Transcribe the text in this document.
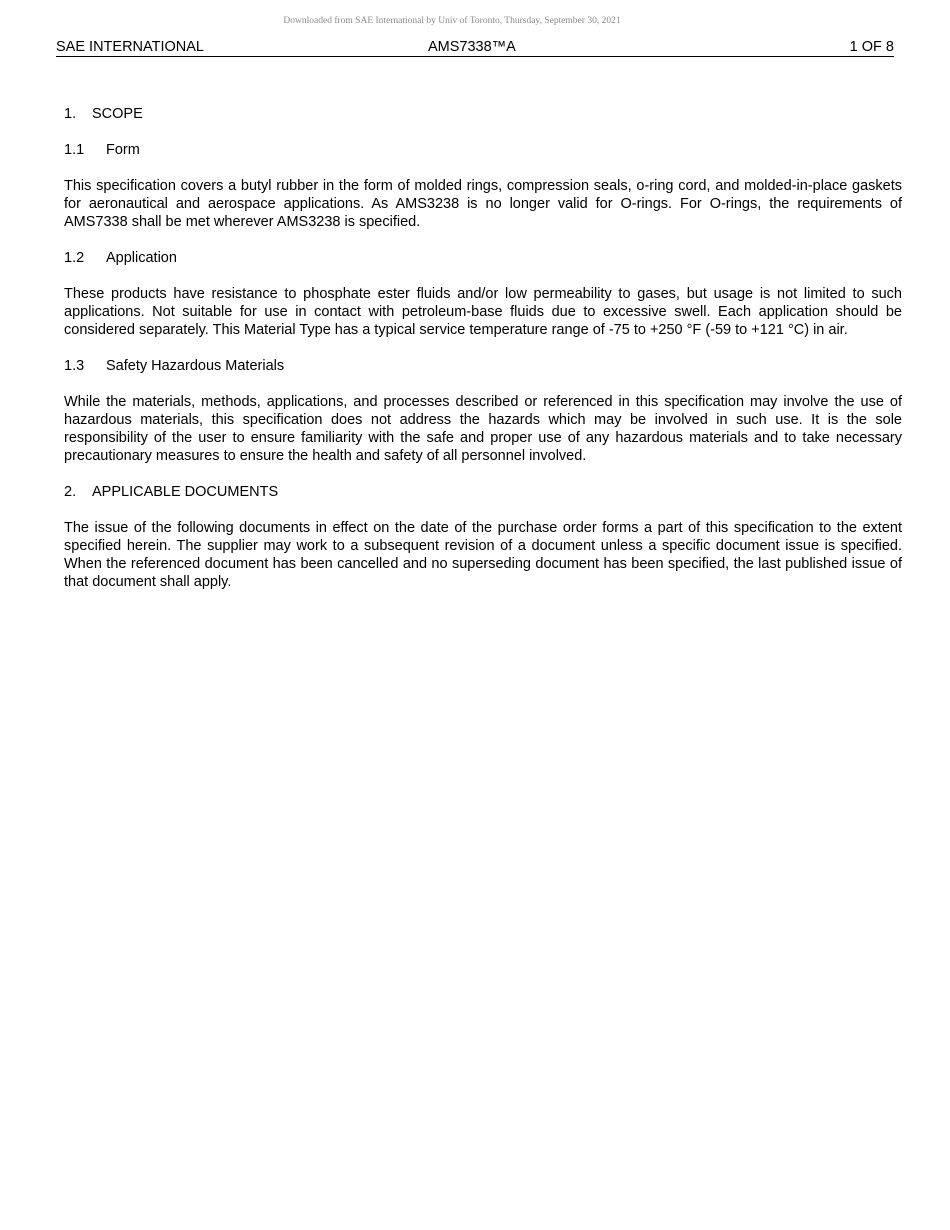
Downloaded from SAE International by Univ of Toronto, Thursday, September 30, 2021
SAE INTERNATIONAL	AMS7338™A	1 OF 8
1. SCOPE
1.1 Form

This specification covers a butyl rubber in the form of molded rings, compression seals, o-ring cord, and molded-in-place gaskets for aeronautical and aerospace applications. As AMS3238 is no longer valid for O-rings. For O-rings, the requirements of AMS7338 shall be met wherever AMS3238 is specified.

1.2 Application

These products have resistance to phosphate ester fluids and/or low permeability to gases, but usage is not limited to such applications. Not suitable for use in contact with petroleum-base fluids due to excessive swell. Each application should be considered separately. This Material Type has a typical service temperature range of -75 to +250 °F (-59 to +121 °C) in air.

1.3 Safety Hazardous Materials

While the materials, methods, applications, and processes described or referenced in this specification may involve the use of hazardous materials, this specification does not address the hazards which may be involved in such use. It is the sole responsibility of the user to ensure familiarity with the safe and proper use of any hazardous materials and to take necessary precautionary measures to ensure the health and safety of all personnel involved.

2. APPLICABLE DOCUMENTS

The issue of the following documents in effect on the date of the purchase order forms a part of this specification to the extent specified herein. The supplier may work to a subsequent revision of a document unless a specific document issue is specified. When the referenced document has been cancelled and no superseding document has been specified, the last published issue of that document shall apply.
